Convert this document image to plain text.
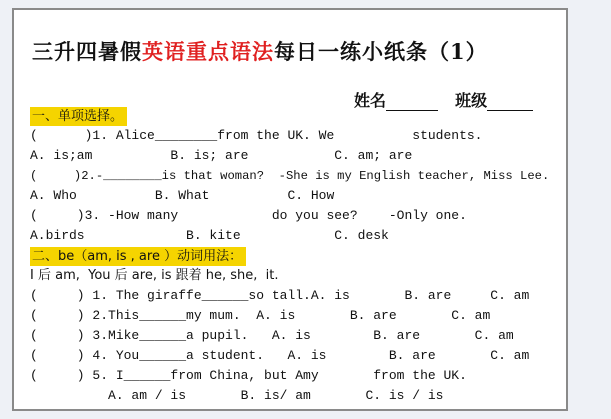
三升四暑假英语重点语法每日一练小纸条（1）
姓名	班级
一、单项选择。
(      )1. Alice________from the UK. We          students.
A. is;am          B. is; are           C. am; are
(     )2.-________is that woman?  -She is my English teacher, Miss Lee.
A. Who          B. What          C. How
(     )3. -How many            do you see?    -Only one.
A.birds             B. kite            C. desk
二、be（am, is , are ）动词用法：
I 后 am,  You 后 are, is 跟着 he, she,  it.
(     ) 1. The giraffe______so tall.A. is       B. are     C. am
(     ) 2.This______my mum.  A. is       B. are       C. am
(     ) 3.Mike______a pupil.   A. is        B. are       C. am
(     ) 4. You______a student.   A. is        B. are       C. am
(     ) 5. I______from China, but Amy       from the UK.
A. am / is       B. is/ am       C. is / is
